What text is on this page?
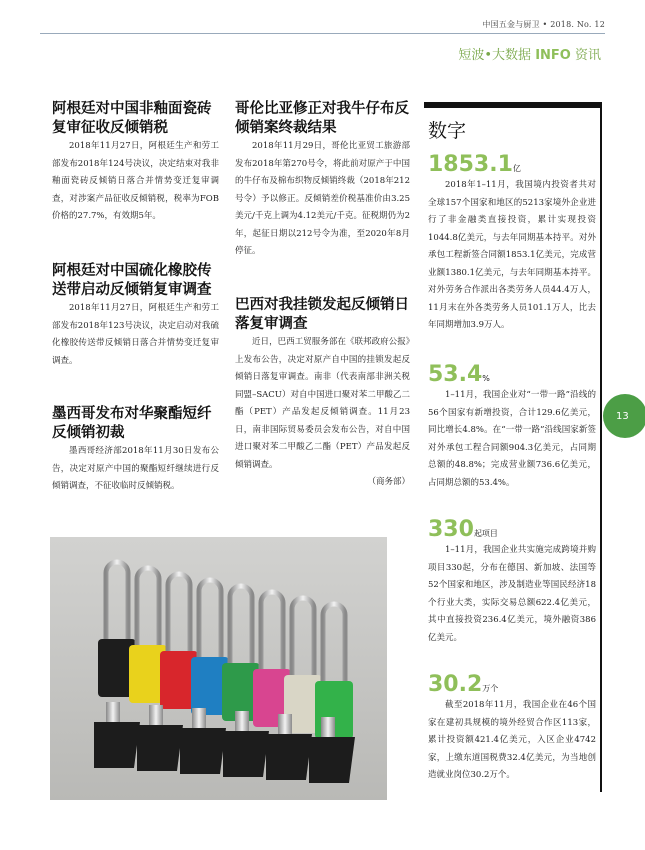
中国五金与厨卫 • 2018. No. 12
短波•大数据 INFO 资讯
阿根廷对中国非釉面瓷砖复审征收反倾销税

2018年11月27日，阿根廷生产和劳工部发布2018年124号决议，决定结束对我非釉面瓷砖反倾销日落合并情势变迁复审调查，对涉案产品征收反倾销税，税率为FOB价格的27.7%，有效期5年。

阿根廷对中国硫化橡胶传送带启动反倾销复审调查

2018年11月27日，阿根廷生产和劳工部发布2018年123号决议，决定启动对我硫化橡胶传送带反倾销日落合并情势变迁复审调查。

墨西哥发布对华聚酯短纤反倾销初裁

墨西哥经济部2018年11月30日发布公告，决定对原产中国的聚酯短纤继续进行反倾销调查，不征收临时反倾销税。

哥伦比亚修正对我牛仔布反倾销案终裁结果

2018年11月29日，哥伦比亚贸工旅游部发布2018年第270号令，将此前对原产于中国的牛仔布及棉布织物反倾销终裁（2018年212号令）予以修正。反倾销差价税基准价由3.25美元/千克上调为4.12美元/千克。征税期仍为2年，起征日期以212号令为准，至2020年8月停征。

巴西对我挂锁发起反倾销日落复审调查

近日，巴西工贸服务部在《联邦政府公报》上发布公告，决定对原产自中国的挂锁发起反倾销日落复审调查。南非（代表南部非洲关税同盟–SACU）对自中国进口聚对苯二甲酸乙二酯（PET）产品发起反倾销调查。11月23日，南非国际贸易委员会发布公告，对自中国进口聚对苯二甲酸乙二酯（PET）产品发起反倾销调查。

（商务部）

数字
1853.1亿

2018年1–11月，我国境内投资者共对全球157个国家和地区的5213家境外企业进行了非金融类直接投资，累计实现投资1044.8亿美元，与去年同期基本持平。对外承包工程新签合同额1853.1亿美元，完成营业额1380.1亿美元，与去年同期基本持平。对外劳务合作派出各类劳务人员44.4万人，11月末在外各类劳务人员101.1万人，比去年同期增加3.9万人。

53.4%

1–11月，我国企业对“一带一路”沿线的56个国家有新增投资，合计129.6亿美元，同比增长4.8%。在“一带一路”沿线国家新签对外承包工程合同额904.3亿美元，占同期总额的48.8%；完成营业额736.6亿美元，占同期总额的53.4%。

330起项目

1–11月，我国企业共实施完成跨境并购项目330起，分布在德国、新加坡、法国等52个国家和地区，涉及制造业等国民经济18个行业大类，实际交易总额622.4亿美元，其中直接投资236.4亿美元，境外融资386亿美元。

30.2万个

截至2018年11月，我国企业在46个国家在建初具规模的境外经贸合作区113家，累计投资额421.4亿美元，入区企业4742家，上缴东道国税费32.4亿美元，为当地创造就业岗位30.2万个。

13
